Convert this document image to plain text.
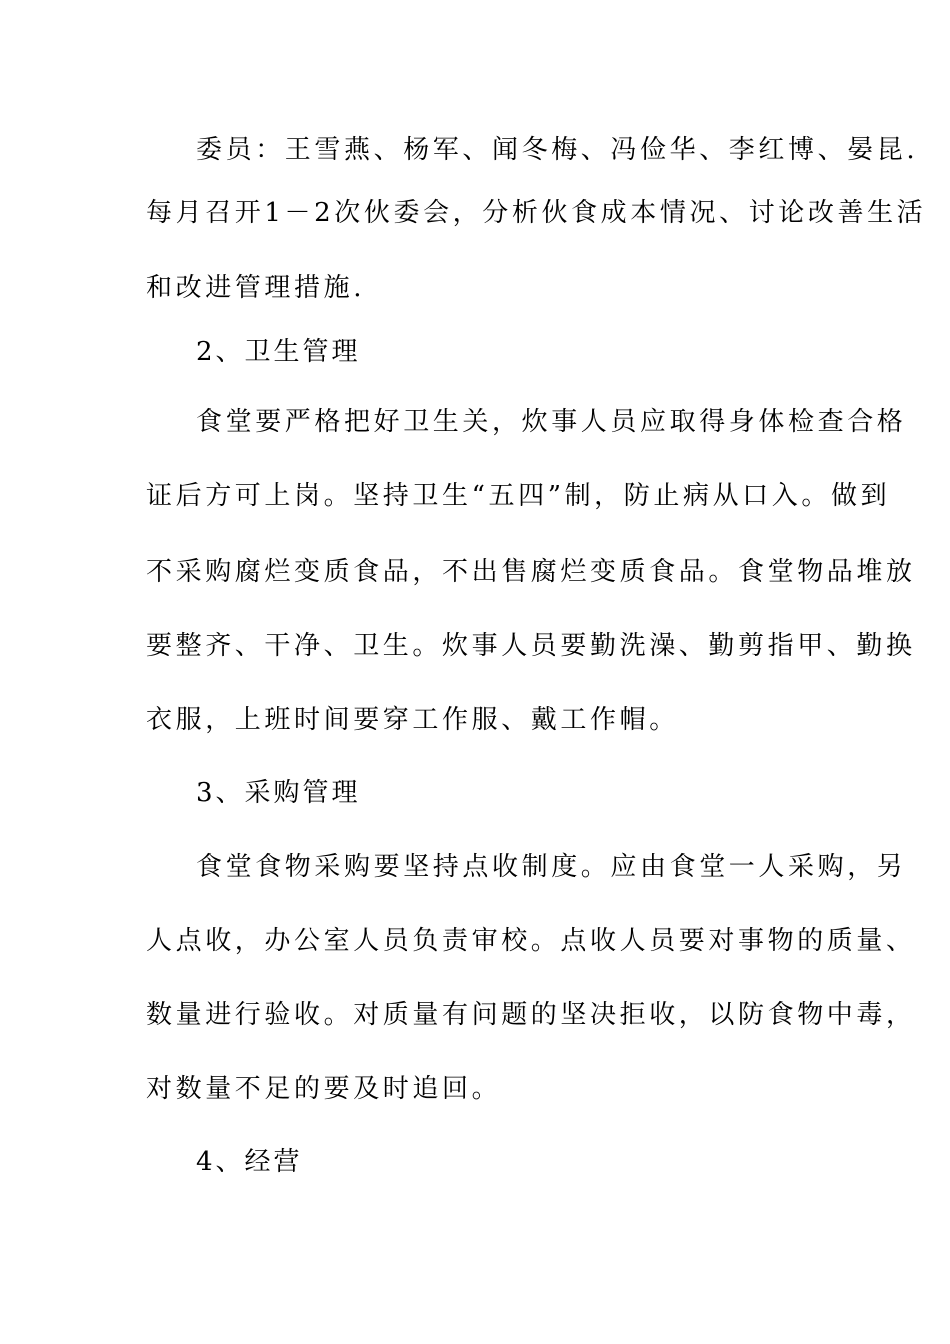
委员：王雪燕、杨军、闻冬梅、冯俭华、李红博、晏昆.
每月召开1－2次伙委会，分析伙食成本情况、讨论改善生活
和改进管理措施.
2、卫生管理
食堂要严格把好卫生关，炊事人员应取得身体检查合格
证后方可上岗。坚持卫生“五四”制，防止病从口入。做到
不采购腐烂变质食品，不出售腐烂变质食品。食堂物品堆放
要整齐、干净、卫生。炊事人员要勤洗澡、勤剪指甲、勤换
衣服，上班时间要穿工作服、戴工作帽。
3、采购管理
食堂食物采购要坚持点收制度。应由食堂一人采购，另
人点收，办公室人员负责审校。点收人员要对事物的质量、
数量进行验收。对质量有问题的坚决拒收，以防食物中毒，
对数量不足的要及时追回。
4、经营
